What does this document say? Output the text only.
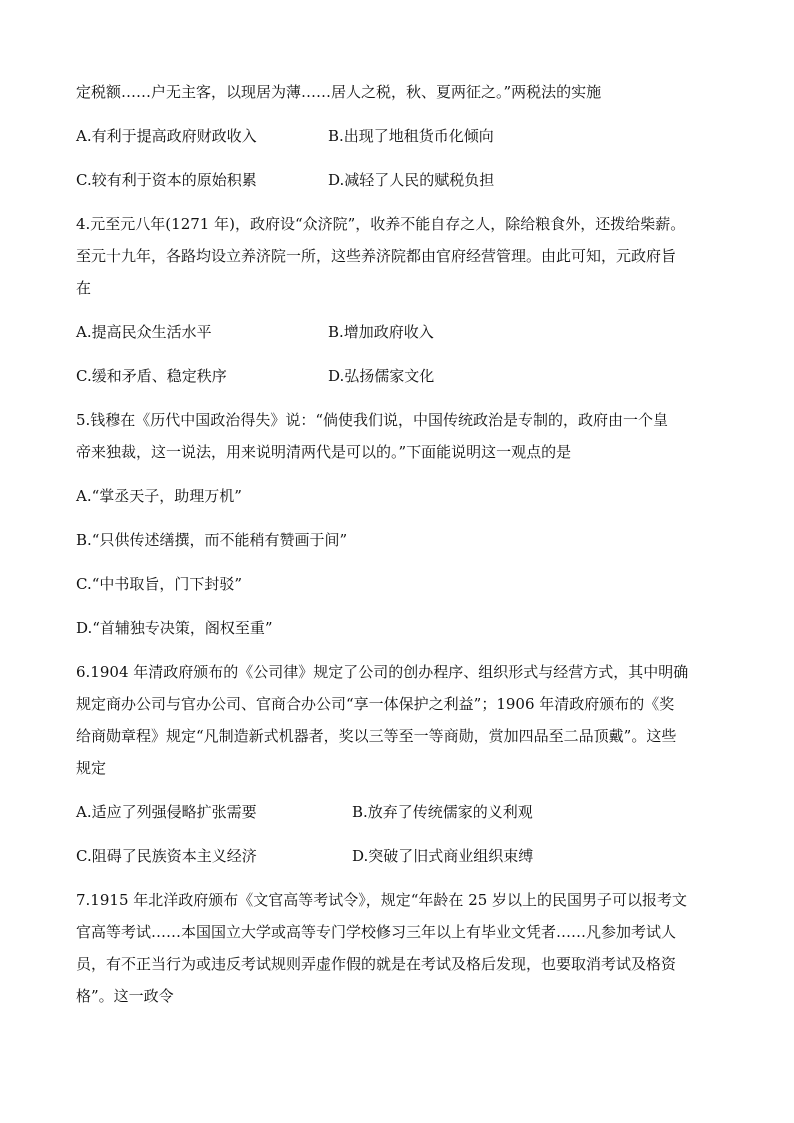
定税额……户无主客，以现居为薄……居人之税，秋、夏两征之。”两税法的实施
A.有利于提高政府财政收入	B.出现了地租货币化倾向
C.较有利于资本的原始积累	D.减轻了人民的赋税负担
4.元至元八年(1271 年)，政府设“众济院”，收养不能自存之人，除给粮食外，还拨给柴薪。
至元十九年，各路均设立养济院一所，这些养济院都由官府经营管理。由此可知，元政府旨
在
A.提高民众生活水平	B.增加政府收入
C.缓和矛盾、稳定秩序	D.弘扬儒家文化
5.钱穆在《历代中国政治得失》说：“倘使我们说，中国传统政治是专制的，政府由一个皇
帝来独裁，这一说法，用来说明清两代是可以的。”下面能说明这一观点的是
A.“掌丞天子，助理万机”
B.“只供传述缮撰，而不能稍有赞画于间”
C.“中书取旨，门下封驳”
D.“首辅独专决策，阁权至重”
6.1904 年清政府颁布的《公司律》规定了公司的创办程序、组织形式与经营方式，其中明确
规定商办公司与官办公司、官商合办公司“享一体保护之利益”；1906 年清政府颁布的《奖
给商勋章程》规定“凡制造新式机器者，奖以三等至一等商勋，赏加四品至二品顶戴”。这些
规定
A.适应了列强侵略扩张需要	B.放弃了传统儒家的义利观
C.阻碍了民族资本主义经济	D.突破了旧式商业组织束缚
7.1915 年北洋政府颁布《文官高等考试令》，规定“年龄在 25 岁以上的民国男子可以报考文
官高等考试……本国国立大学或高等专门学校修习三年以上有毕业文凭者……凡参加考试人
员，有不正当行为或违反考试规则弄虚作假的就是在考试及格后发现，也要取消考试及格资
格”。这一政令
